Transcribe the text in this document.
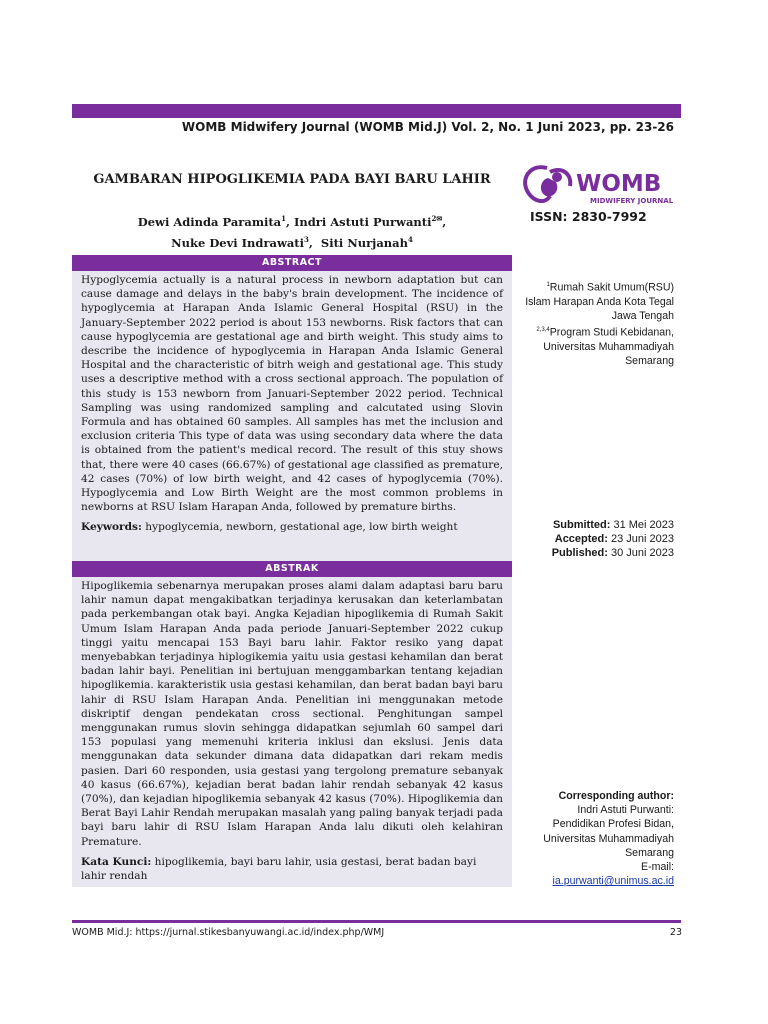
WOMB Midwifery Journal (WOMB Mid.J) Vol. 2, No. 1 Juni 2023, pp. 23-26
GAMBARAN HIPOGLIKEMIA PADA BAYI BARU LAHIR
Dewi Adinda Paramita$^1$, Indri Astuti Purwanti$^{2✉}$,
Nuke Devi Indrawati$^3$,  Siti Nurjanah$^4$
WOMB
MIDWIFERY JOURNAL
ISSN: 2830-7992
ABSTRACT
Hypoglycemia actually is a natural process in newborn adaptation but can cause damage and delays in the baby's brain development. The incidence of hypoglycemia at Harapan Anda Islamic General Hospital (RSU) in the January-September 2022 period is about 153 newborns. Risk factors that can cause hypoglycemia are gestational age and birth weight. This study aims to describe the incidence of hypoglycemia in Harapan Anda Islamic General Hospital and the characteristic of bitrh weigh and gestational age. This study uses a descriptive method with a cross sectional approach. The population of this study is 153 newborn from Januari-September 2022 period. Technical Sampling was using randomized sampling and calcutated using Slovin Formula and has obtained 60 samples. All samples has met the inclusion and exclusion criteria This type of data was using secondary data where the data is obtained from the patient's medical record. The result of this stuy shows that, there were 40 cases (66.67%) of gestational age classified as premature, 42 cases (70%) of low birth weight, and 42 cases of hypoglycemia (70%). Hypoglycemia and Low Birth Weight are the most common problems in newborns at RSU Islam Harapan Anda, followed by premature births.
Keywords: hypoglycemia, newborn, gestational age, low birth weight
ABSTRAK
Hipoglikemia sebenarnya merupakan proses alami dalam adaptasi baru baru lahir namun dapat mengakibatkan terjadinya kerusakan dan keterlambatan pada perkembangan otak bayi. Angka Kejadian hipoglikemia di Rumah Sakit Umum Islam Harapan Anda pada periode Januari-September 2022 cukup tinggi yaitu mencapai 153 Bayi baru lahir. Faktor resiko yang dapat menyebabkan terjadinya hiplogikemia yaitu usia gestasi kehamilan dan berat badan lahir bayi. Penelitian ini bertujuan menggambarkan tentang kejadian hipoglikemia. karakteristik usia gestasi kehamilan, dan berat badan bayi baru lahir di RSU Islam Harapan Anda. Penelitian ini menggunakan metode diskriptif dengan pendekatan cross sectional. Penghitungan sampel menggunakan rumus slovin sehingga didapatkan sejumlah 60 sampel dari 153 populasi yang memenuhi kriteria inklusi dan ekslusi. Jenis data menggunakan data sekunder dimana data didapatkan dari rekam medis pasien. Dari 60 responden, usia gestasi yang tergolong premature sebanyak 40 kasus (66.67%), kejadian berat badan lahir rendah sebanyak 42 kasus (70%), dan kejadian hipoglikemia sebanyak 42 kasus (70%). Hipoglikemia dan Berat Bayi Lahir Rendah merupakan masalah yang paling banyak terjadi pada bayi baru lahir di RSU Islam Harapan Anda lalu dikuti oleh kelahiran Premature.
Kata Kunci: hipoglikemia, bayi baru lahir, usia gestasi, berat badan bayi lahir rendah
$^1$Rumah Sakit Umum(RSU) Islam Harapan Anda Kota Tegal Jawa Tengah
$^{2,3,4}$Program Studi Kebidanan, Universitas Muhammadiyah Semarang
Submitted: 31 Mei 2023
Accepted: 23 Juni 2023
Published: 30 Juni 2023
Corresponding author:
Indri Astuti Purwanti:
Pendidikan Profesi Bidan, Universitas Muhammadiyah Semarang
E-mail:
ia.purwanti@unimus.ac.id
WOMB Mid.J: https://jurnal.stikesbanyuwangi.ac.id/index.php/WMJ	23
